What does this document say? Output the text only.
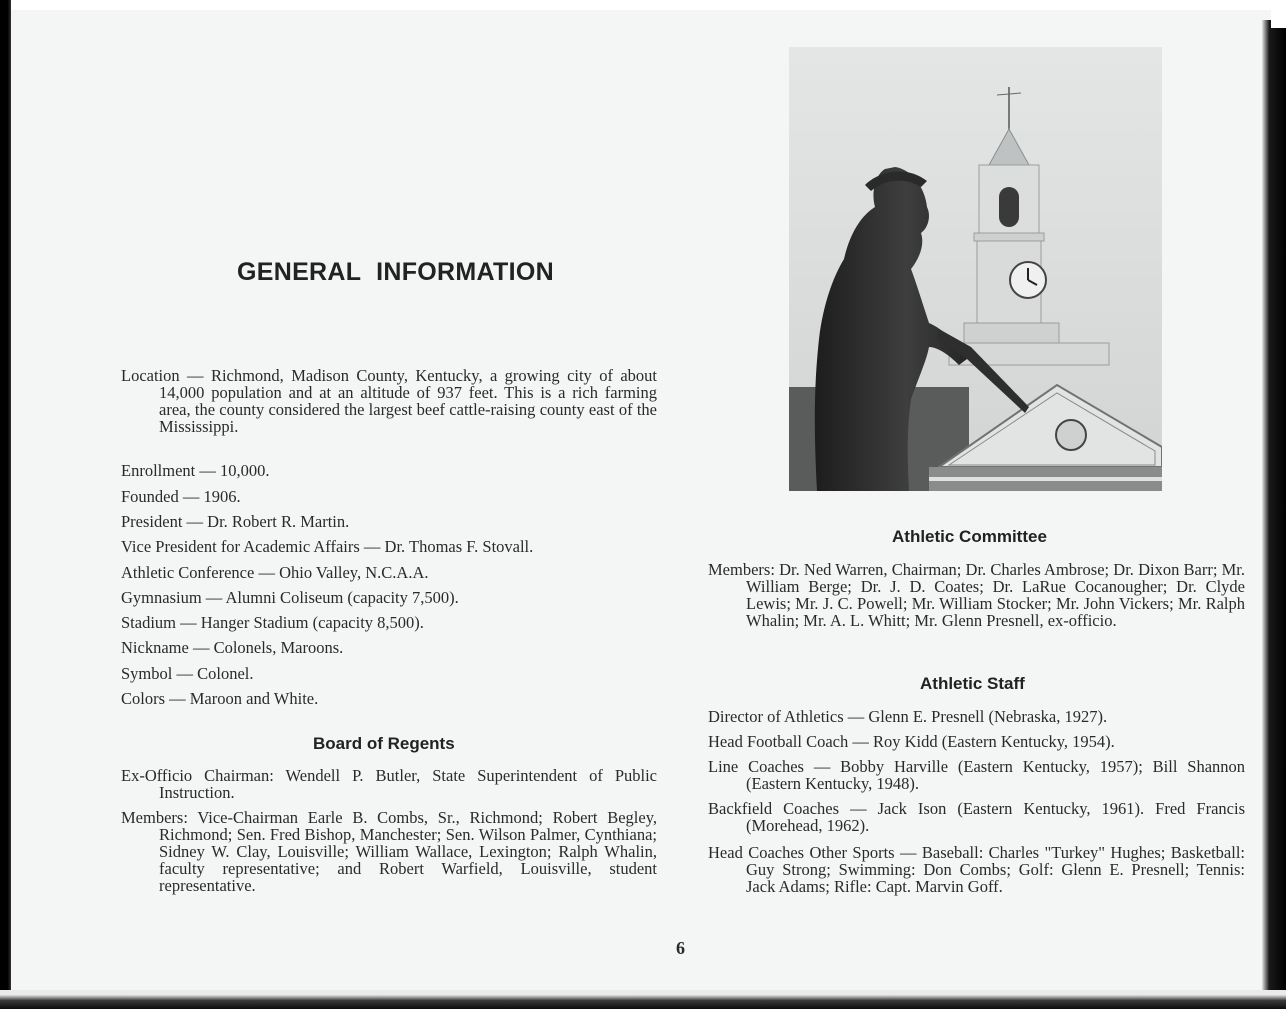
GENERAL INFORMATION

Location — Richmond, Madison County, Kentucky, a growing city of about 14,000 population and at an altitude of 937 feet. This is a rich farming area, the county considered the largest beef cattle-raising county east of the Mississippi.

Enrollment — 10,000.

Founded — 1906.

President — Dr. Robert R. Martin.

Vice President for Academic Affairs — Dr. Thomas F. Stovall.

Athletic Conference — Ohio Valley, N.C.A.A.

Gymnasium — Alumni Coliseum (capacity 7,500).

Stadium — Hanger Stadium (capacity 8,500).

Nickname — Colonels, Maroons.

Symbol — Colonel.

Colors — Maroon and White.

Board of Regents

Ex-Officio Chairman: Wendell P. Butler, State Superintendent of Public Instruction.

Members: Vice-Chairman Earle B. Combs, Sr., Richmond; Robert Begley, Richmond; Sen. Fred Bishop, Manchester; Sen. Wilson Palmer, Cynthiana; Sidney W. Clay, Louisville; William Wallace, Lexington; Ralph Whalin, faculty representative; and Robert Warfield, Louisville, student representative.

Athletic Committee

Members: Dr. Ned Warren, Chairman; Dr. Charles Ambrose; Dr. Dixon Barr; Mr. William Berge; Dr. J. D. Coates; Dr. LaRue Cocanougher; Dr. Clyde Lewis; Mr. J. C. Powell; Mr. William Stocker; Mr. John Vickers; Mr. Ralph Whalin; Mr. A. L. Whitt; Mr. Glenn Presnell, ex-officio.

Athletic Staff

Director of Athletics — Glenn E. Presnell (Nebraska, 1927).

Head Football Coach — Roy Kidd (Eastern Kentucky, 1954).

Line Coaches — Bobby Harville (Eastern Kentucky, 1957); Bill Shannon (Eastern Kentucky, 1948).

Backfield Coaches — Jack Ison (Eastern Kentucky, 1961). Fred Francis (Morehead, 1962).

Head Coaches Other Sports — Baseball: Charles "Turkey" Hughes; Basketball: Guy Strong; Swimming: Don Combs; Golf: Glenn E. Presnell; Tennis: Jack Adams; Rifle: Capt. Marvin Goff.

6
